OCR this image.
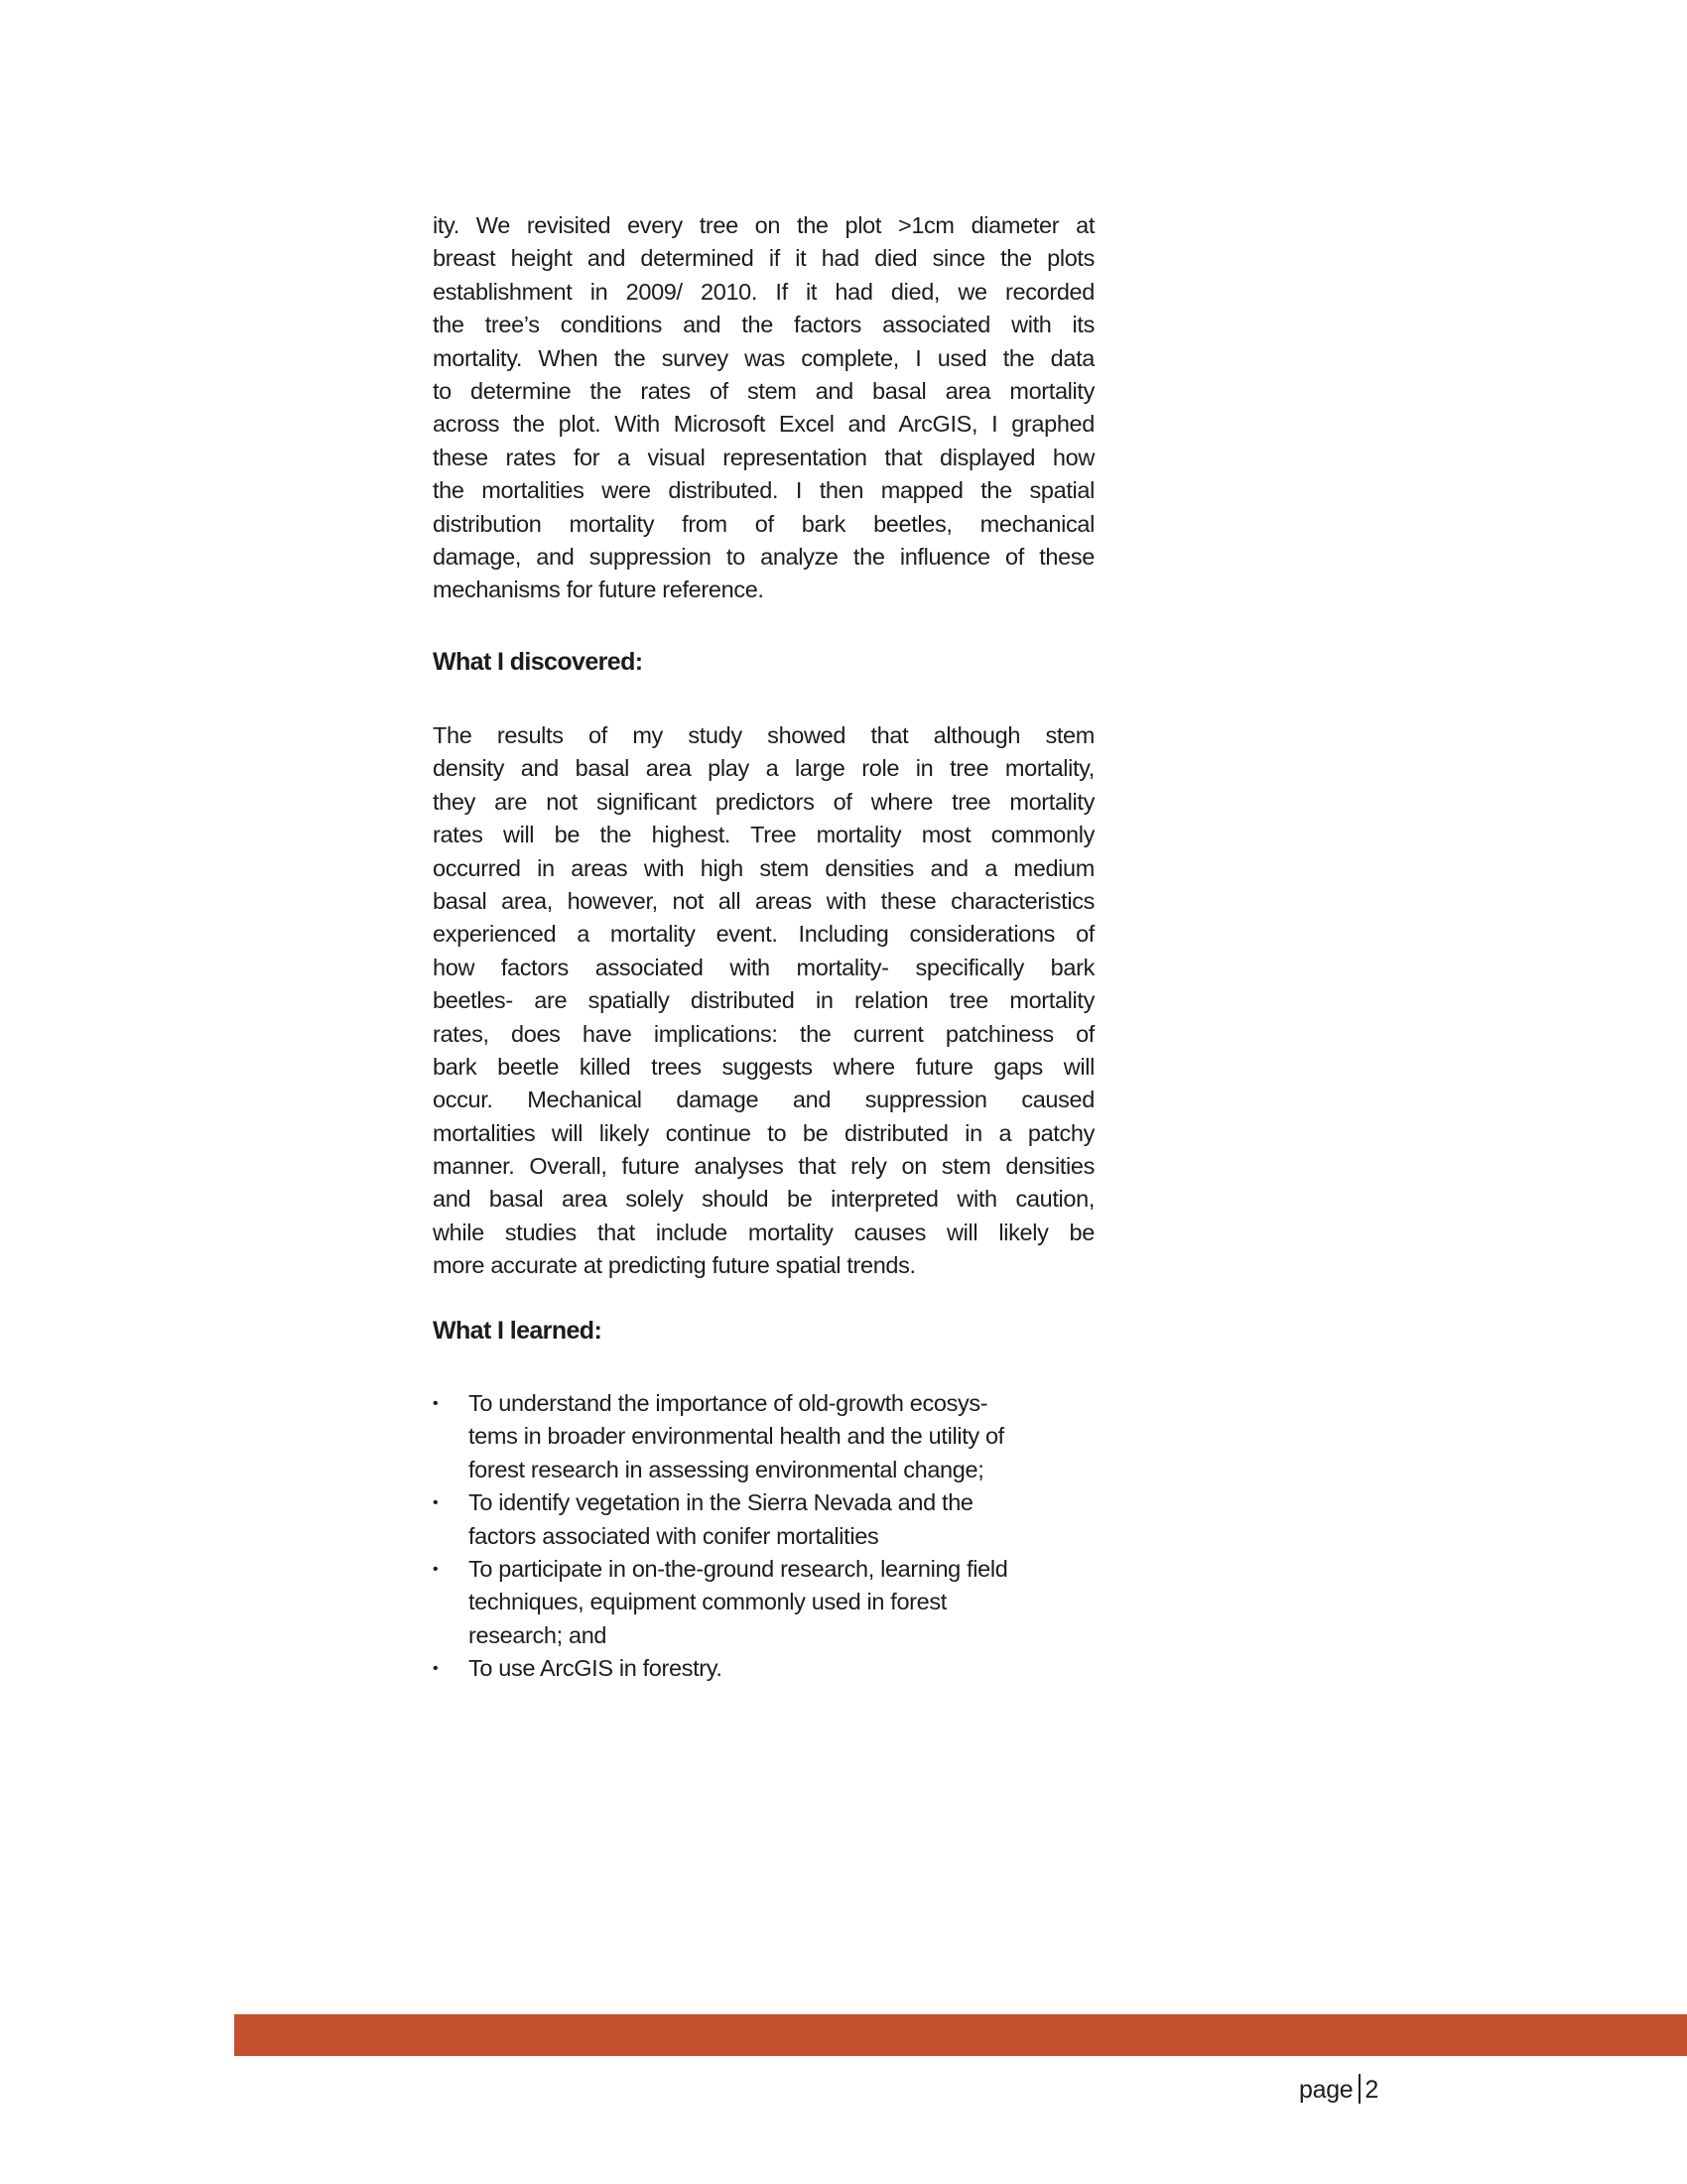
ity. We revisited every tree on the plot >1cm diameter at
breast height and determined if it had died since the plots
establishment in 2009/ 2010. If it had died, we recorded
the tree’s conditions and the factors associated with its
mortality. When the survey was complete, I used the data
to determine the rates of stem and basal area mortality
across the plot. With Microsoft Excel and ArcGIS, I graphed
these rates for a visual representation that displayed how
the mortalities were distributed. I then mapped the spatial
distribution mortality from of bark beetles, mechanical
damage, and suppression to analyze the influence of these
mechanisms for future reference.
What I discovered:
The results of my study showed that although stem
density and basal area play a large role in tree mortality,
they are not significant predictors of where tree mortality
rates will be the highest. Tree mortality most commonly
occurred in areas with high stem densities and a medium
basal area, however, not all areas with these characteristics
experienced a mortality event. Including considerations of
how factors associated with mortality- specifically bark
beetles- are spatially distributed in relation tree mortality
rates, does have implications: the current patchiness of
bark beetle killed trees suggests where future gaps will
occur. Mechanical damage and suppression caused
mortalities will likely continue to be distributed in a patchy
manner. Overall, future analyses that rely on stem densities
and basal area solely should be interpreted with caution,
while studies that include mortality causes will likely be
more accurate at predicting future spatial trends.
What I learned:
• To understand the importance of old-growth ecosys-
tems in broader environmental health and the utility of
forest research in assessing environmental change;
• To identify vegetation in the Sierra Nevada and the
factors associated with conifer mortalities
• To participate in on-the-ground research, learning field
techniques, equipment commonly used in forest
research; and
• To use ArcGIS in forestry.
page 2
